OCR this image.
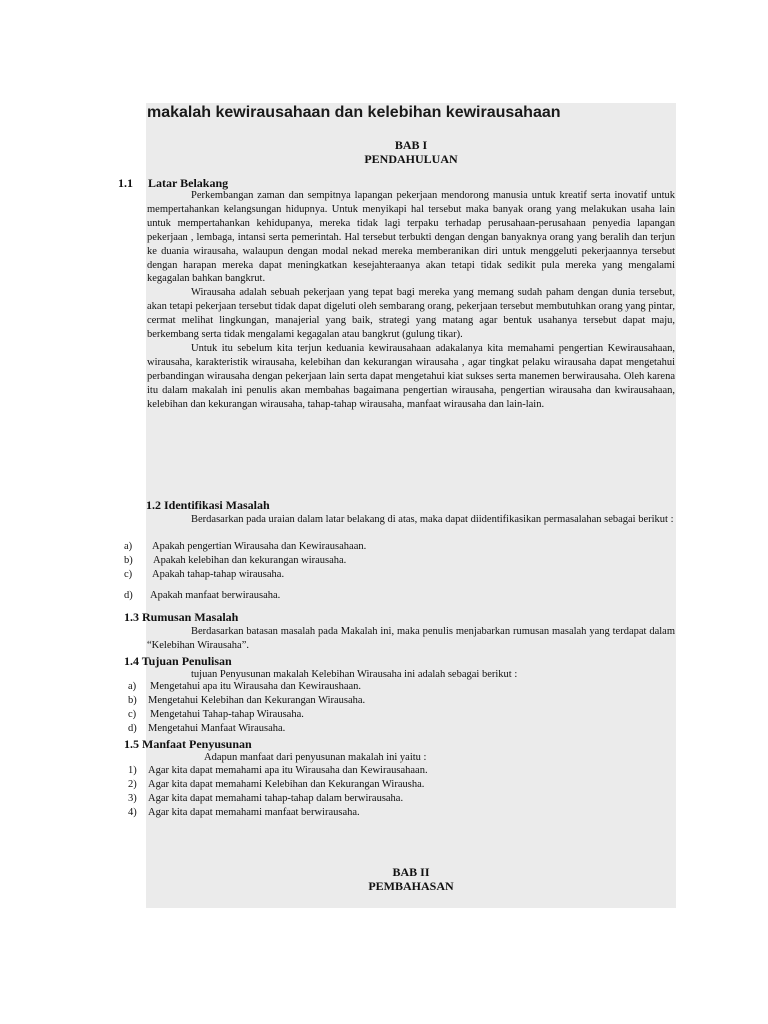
makalah kewirausahaan dan kelebihan kewirausahaan
BAB I
PENDAHULUAN
1.1 Latar Belakang

Perkembangan zaman dan sempitnya lapangan pekerjaan mendorong manusia untuk kreatif serta inovatif untuk mempertahankan kelangsungan hidupnya. Untuk menyikapi hal tersebut maka banyak orang yang melakukan usaha lain untuk mempertahankan kehidupanya, mereka tidak lagi terpaku terhadap perusahaan-perusahaan penyedia lapangan pekerjaan , lembaga, intansi serta pemerintah. Hal tersebut terbukti dengan dengan banyaknya orang yang beralih dan terjun ke duania wirausaha, walaupun dengan modal nekad mereka memberanikan diri untuk menggeluti pekerjaannya tersebut dengan harapan mereka dapat meningkatkan kesejahteraanya akan tetapi tidak sedikit pula mereka yang mengalami kegagalan bahkan bangkrut.

Wirausaha adalah sebuah pekerjaan yang tepat bagi mereka yang memang sudah paham dengan dunia tersebut, akan tetapi pekerjaan tersebut tidak dapat digeluti oleh sembarang orang, pekerjaan tersebut membutuhkan orang yang pintar, cermat melihat lingkungan, manajerial yang baik, strategi yang matang agar bentuk usahanya tersebut dapat maju, berkembang serta tidak mengalami kegagalan atau bangkrut (gulung tikar).

Untuk itu sebelum kita terjun keduania kewirausahaan adakalanya kita memahami pengertian Kewirausahaan, wirausaha, karakteristik wirausaha, kelebihan dan kekurangan wirausaha , agar tingkat pelaku wirausaha dapat mengetahui perbandingan wirausaha dengan pekerjaan lain serta dapat mengetahui kiat sukses serta manemen berwirausaha. Oleh karena itu dalam makalah ini penulis akan membahas bagaimana pengertian wirausaha, pengertian wirausaha dan kwirausahaan, kelebihan dan kekurangan wirausaha, tahap-tahap wirausaha, manfaat wirausaha dan lain-lain.

1.2 Identifikasi Masalah

Berdasarkan pada uraian dalam latar belakang di atas, maka dapat diidentifikasikan permasalahan sebagai berikut :

a) Apakah pengertian Wirausaha dan Kewirausahaan.
b) Apakah kelebihan dan kekurangan wirausaha.
c) Apakah tahap-tahap wirausaha.
d) Apakah manfaat berwirausaha.
1.3 Rumusan Masalah

Berdasarkan batasan masalah pada Makalah ini, maka penulis menjabarkan rumusan masalah yang terdapat dalam “Kelebihan Wirausaha”.

1.4 Tujuan Penulisan
tujuan Penyusunan makalah Kelebihan Wirausaha ini adalah sebagai berikut :
a) Mengetahui apa itu Wirausaha dan Kewiraushaan.
b) Mengetahui Kelebihan dan Kekurangan Wirausaha.
c) Mengetahui Tahap-tahap Wirausaha.
d) Mengetahui Manfaat Wirausaha.
1.5 Manfaat Penyusunan
Adapun manfaat dari penyusunan makalah ini yaitu :
1) Agar kita dapat memahami apa itu Wirausaha dan Kewirausahaan.
2) Agar kita dapat memahami Kelebihan dan Kekurangan Wirausha.
3) Agar kita dapat memahami tahap-tahap dalam berwirausaha.
4) Agar kita dapat memahami manfaat berwirausaha.
BAB II
PEMBAHASAN
